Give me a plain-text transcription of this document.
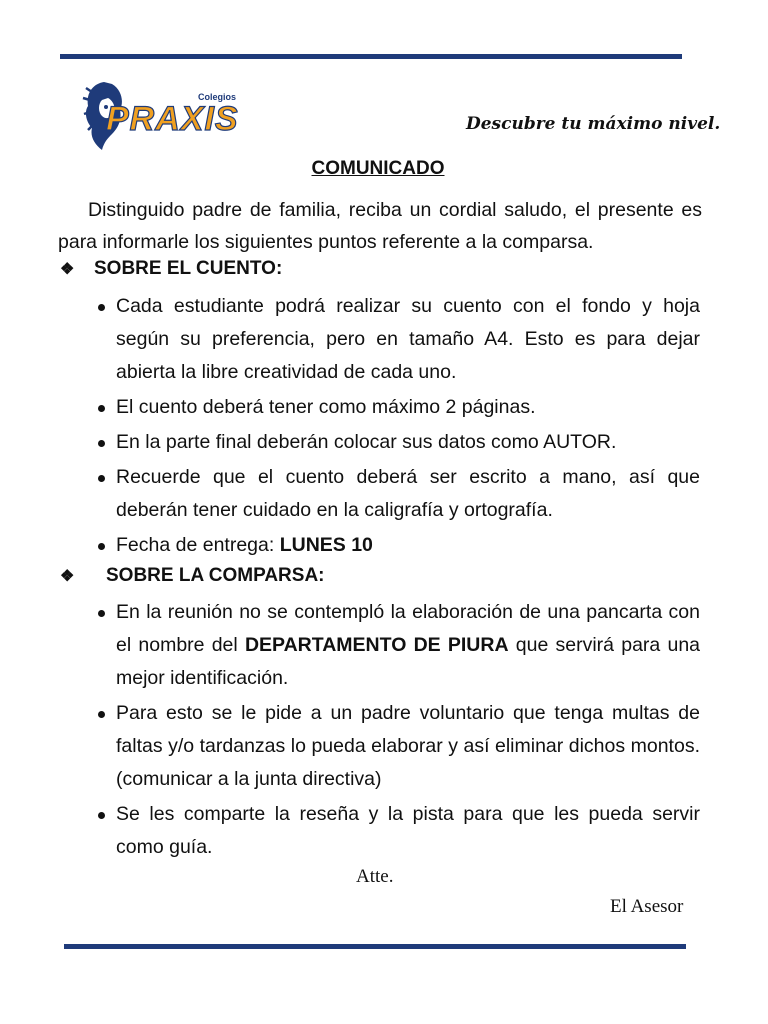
Colegios
PRAXIS	Descubre tu máximo nivel.
COMUNICADO
Distinguido padre de familia, reciba un cordial saludo, el presente es para informarle los siguientes puntos referente a la comparsa.
❖ SOBRE EL CUENTO:
Cada estudiante podrá realizar su cuento con el fondo y hoja según su preferencia, pero en tamaño A4. Esto es para dejar abierta la libre creatividad de cada uno.
El cuento deberá tener como máximo 2 páginas.
En la parte final deberán colocar sus datos como AUTOR.
Recuerde que el cuento deberá ser escrito a mano, así que deberán tener cuidado en la caligrafía y ortografía.
Fecha de entrega: LUNES 10
❖ SOBRE LA COMPARSA:
En la reunión no se contempló la elaboración de una pancarta con el nombre del DEPARTAMENTO DE PIURA que servirá para una mejor identificación.
Para esto se le pide a un padre voluntario que tenga multas de faltas y/o tardanzas lo pueda elaborar y así eliminar dichos montos. (comunicar a la junta directiva)
Se les comparte la reseña y la pista para que les pueda servir como guía.
Atte.
El Asesor
